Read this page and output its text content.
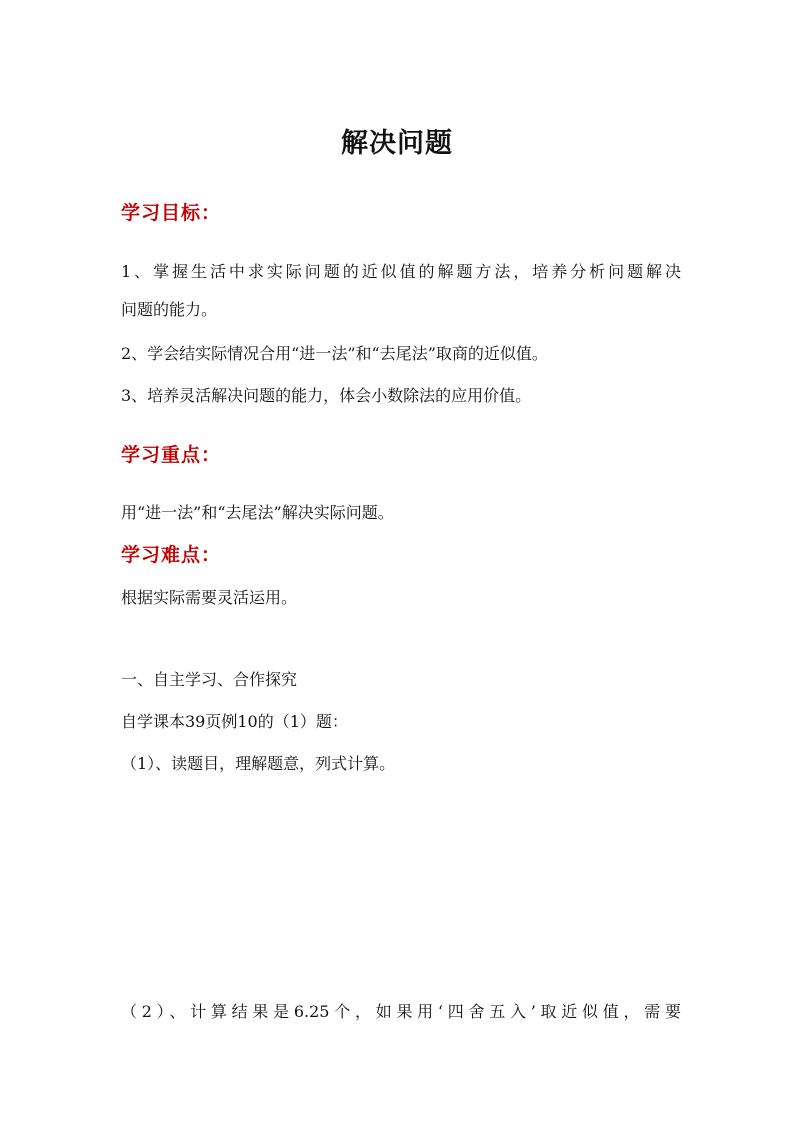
解决问题
学习目标：
1、掌握生活中求实际问题的近似值的解题方法，培养分析问题解决
问题的能力。
2、学会结实际情况合用“进一法”和“去尾法”取商的近似值。
3、培养灵活解决问题的能力，体会小数除法的应用价值。
学习重点：
用“进一法”和“去尾法”解决实际问题。
学习难点：
根据实际需要灵活运用。
一、自主学习、合作探究
自学课本39页例10的（1）题：
（1）、读题目，理解题意，列式计算。
（2）、计算结果是6.25个，如果用‘四舍五入’取近似值，需要
